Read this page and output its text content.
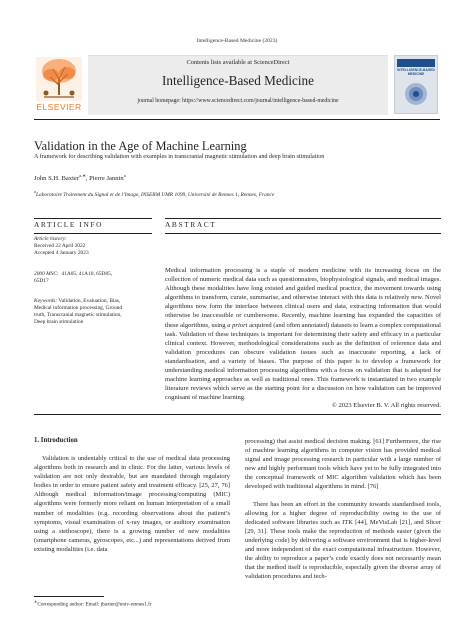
Intelligence-Based Medicine (2023)
ELSEVIER
Contents lists available at ScienceDirect
Intelligence-Based Medicine
journal homepage: https://www.sciencedirect.com/journal/intelligence-based-medicine
INTELLIGENCE-BASED
MEDICINE
Validation in the Age of Machine Learning
A framework for describing validation with examples in transcranial magnetic stimulation and deep brain stimulation
John S.H. Baxter$^{a,∗}$, Pierre Jannin$^a$
$^a$Laboratoire Traitement du Signal et de l’Image, INSERM UMR 1099, Université de Rennes 1, Rennes, France
ARTICLE INFO
Article history:
Received 22 April 2022
Accepted 4 January 2023
2000 MSC: 41A05, 41A10, 65D05,
65D17
Keywords: Validation, Evaluation, Bias,
Medical information processing, Ground
truth, Transcranial magnetic stimulation,
Deep brain stimulation
ABSTRACT

Medical information processing is a staple of modern medicine with its increasing focus on the collection of numeric medical data such as questionnaires, biophysiological signals, and medical images. Although these modalities have long existed and guided medical practice, the movement towards using algorithms to transform, curate, summarise, and otherwise interact with this data is relatively new. Novel algorithms now form the interface between clinical users and data, extracting information that would otherwise be inaccessible or cumbersome. Recently, machine learning has expanded the capacities of these algorithms, using a priori acquired (and often annotated) datasets to learn a complex computational task. Validation of these techniques is important for determining their safety and efficacy in a particular clinical context. However, methodological considerations such as the definition of reference data and validation procedures can obscure validation issues such as inaccurate reporting, a lack of standardisation, and a variety of biases. The purpose of this paper is to develop a framework for understanding medical information processing algorithms with a focus on validation that is adapted for machine learning approaches as well as traditional ones. This framework is instantiated in two example literature reviews which serve as the starting point for a discussion on how validation can be improved cognisant of machine learning.

© 2023 Elsevier B. V. All rights reserved.
1. Introduction

Validation is undeniably critical to the use of medical data processing algorithms both in research and in clinic. For the latter, various levels of validation are not only desirable, but are mandated through regulatory bodies in order to ensure patient safety and treatment efficacy. [25, 27, 76] Although medical information/image processing/computing (MIC) algorithms were formerly more reliant on human interpretation of a small number of modalities (e.g. recording observations about the patient’s symptoms, visual examination of x-ray images, or auditory examination using a stethoscope), there is a growing number of new modalities (smartphone cameras, gyroscopes, etc...) and representations derived from existing modalities (i.e. data

processing) that assist medical decision making. [61] Furthermore, the rise of machine learning algorithms in computer vision has provided medical signal and image processing research in particular with a large number of new and highly performant tools which have yet to be fully integrated into the conceptual framework of MIC algorithm validation which has been developed with traditional algorithms in mind. [76]

There has been an effort in the community towards standardised tools, allowing for a higher degree of reproducibility owing to the use of dedicated software libraries such as ITK [44], MeVisLab [21], and Slicer [29, 31]. These tools make the reproduction of methods easier (given the underlying code) by delivering a software environment that is higher-level and more independent of the exact computational infrastructure. However, the ability to reproduce a paper’s code exactly does not necessarily mean that the method itself is reproducible, especially given the diverse array of validation procedures and tech-

∗Corresponding author: Email: jbaxter@univ-rennes1.fr
